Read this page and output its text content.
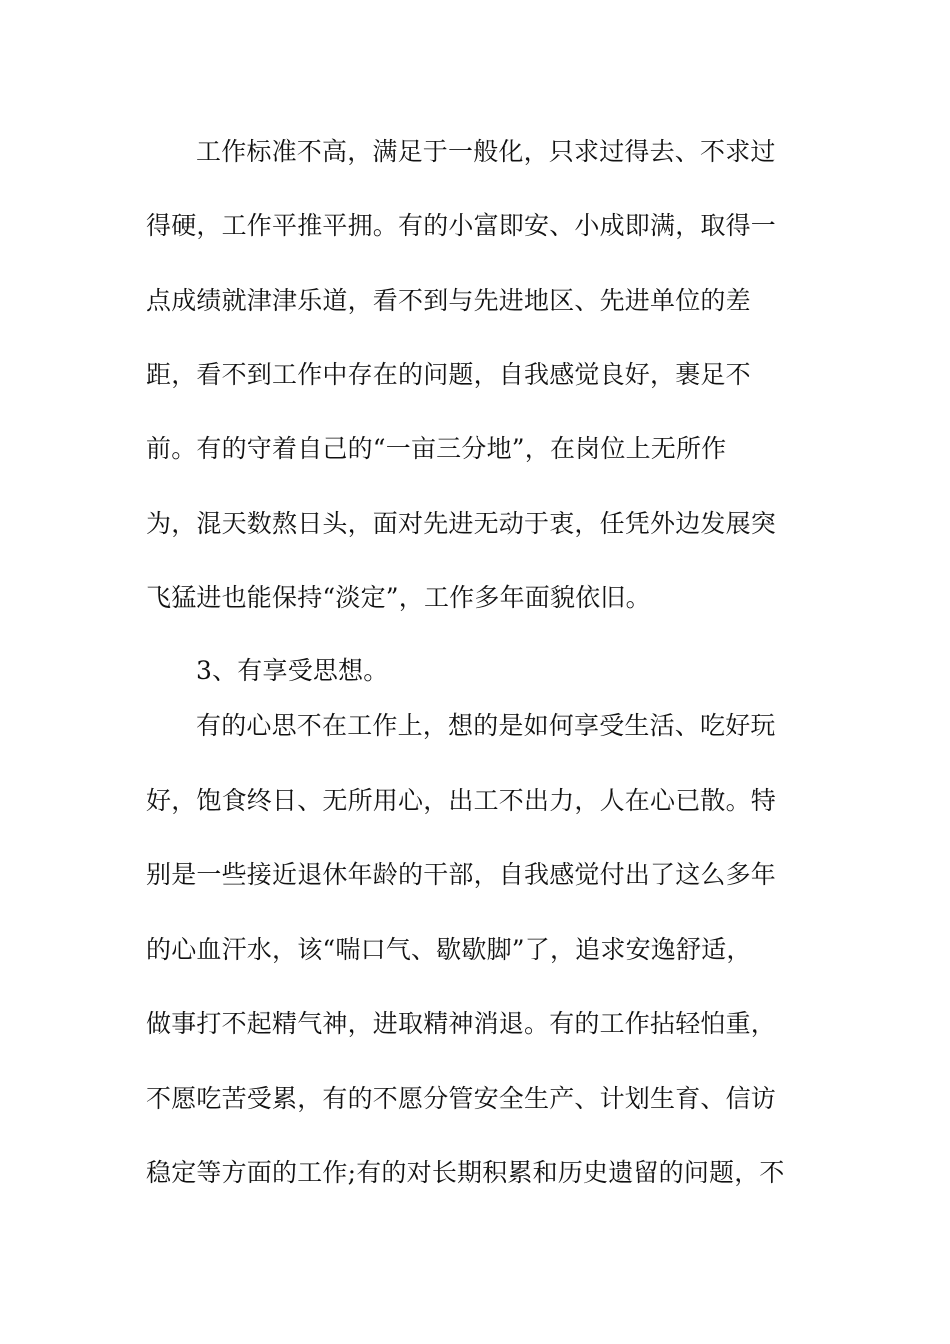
工作标准不高，满足于一般化，只求过得去、不求过
得硬，工作平推平拥。有的小富即安、小成即满，取得一
点成绩就津津乐道，看不到与先进地区、先进单位的差
距，看不到工作中存在的问题，自我感觉良好，裹足不
前。有的守着自己的“一亩三分地”，在岗位上无所作
为，混天数熬日头，面对先进无动于衷，任凭外边发展突
飞猛进也能保持“淡定”，工作多年面貌依旧。
3、有享受思想。
有的心思不在工作上，想的是如何享受生活、吃好玩
好，饱食终日、无所用心，出工不出力，人在心已散。特
别是一些接近退休年龄的干部，自我感觉付出了这么多年
的心血汗水，该“喘口气、歇歇脚”了，追求安逸舒适，
做事打不起精气神，进取精神消退。有的工作拈轻怕重，
不愿吃苦受累，有的不愿分管安全生产、计划生育、信访
稳定等方面的工作;有的对长期积累和历史遗留的问题，不
